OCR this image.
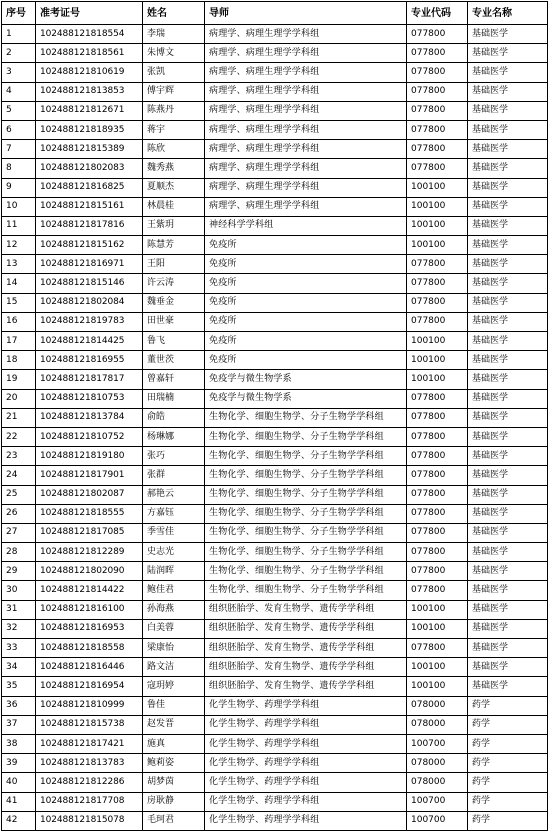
序号	准考证号	姓名	导师	专业代码	专业名称
1	102488121818554	李瑞	病理学、病理生理学学科组	077800	基础医学
2	102488121818561	朱博文	病理学、病理生理学学科组	077800	基础医学
3	102488121810619	张凯	病理学、病理生理学学科组	077800	基础医学
4	102488121813853	傅宇辉	病理学、病理生理学学科组	077800	基础医学
5	102488121812671	陈燕丹	病理学、病理生理学学科组	077800	基础医学
6	102488121818935	蒋宇	病理学、病理生理学学科组	077800	基础医学
7	102488121815389	陈欣	病理学、病理生理学学科组	077800	基础医学
8	102488121802083	魏秀燕	病理学、病理生理学学科组	077800	基础医学
9	102488121816825	夏顺杰	病理学、病理生理学学科组	100100	基础医学
10	102488121815161	林晨桂	病理学、病理生理学学科组	100100	基础医学
11	102488121817816	王紫玥	神经科学学科组	100100	基础医学
12	102488121815162	陈慧芳	免疫所	100100	基础医学
13	102488121816971	王阳	免疫所	077800	基础医学
14	102488121815146	许云涛	免疫所	077800	基础医学
15	102488121802084	魏垂金	免疫所	077800	基础医学
16	102488121819783	田世豪	免疫所	077800	基础医学
17	102488121814425	鲁飞	免疫所	100100	基础医学
18	102488121816955	董世茨	免疫所	100100	基础医学
19	102488121817817	曾嘉轩	免疫学与微生物学系	100100	基础医学
20	102488121810753	田瑞楠	免疫学与微生物学系	077800	基础医学
21	102488121813784	俞皓	生物化学、细胞生物学、分子生物学学科组	077800	基础医学
22	102488121810752	杨琳娜	生物化学、细胞生物学、分子生物学学科组	077800	基础医学
23	102488121819180	张巧	生物化学、细胞生物学、分子生物学学科组	077800	基础医学
24	102488121817901	张群	生物化学、细胞生物学、分子生物学学科组	077800	基础医学
25	102488121802087	郝艳云	生物化学、细胞生物学、分子生物学学科组	077800	基础医学
26	102488121818555	方嘉钰	生物化学、细胞生物学、分子生物学学科组	077800	基础医学
27	102488121817085	季雪佳	生物化学、细胞生物学、分子生物学学科组	077800	基础医学
28	102488121812289	史志光	生物化学、细胞生物学、分子生物学学科组	077800	基础医学
29	102488121802090	陆润晖	生物化学、细胞生物学、分子生物学学科组	077800	基础医学
30	102488121814422	鲍佳君	生物化学、细胞生物学、分子生物学学科组	077800	基础医学
31	102488121816100	孙海燕	组织胚胎学、发育生物学、遗传学学科组	100100	基础医学
32	102488121816953	白美蓉	组织胚胎学、发育生物学、遗传学学科组	100100	基础医学
33	102488121818558	梁康怡	组织胚胎学、发育生物学、遗传学学科组	077800	基础医学
34	102488121816446	路文洁	组织胚胎学、发育生物学、遗传学学科组	100100	基础医学
35	102488121816954	寇玥婷	组织胚胎学、发育生物学、遗传学学科组	100100	基础医学
36	102488121810999	鲁佳	化学生物学、药理学学科组	078000	药学
37	102488121815738	赵发晋	化学生物学、药理学学科组	078000	药学
38	102488121817421	施真	化学生物学、药理学学科组	100700	药学
39	102488121813783	鲍莉姿	化学生物学、药理学学科组	078000	药学
40	102488121812286	胡梦茵	化学生物学、药理学学科组	078000	药学
41	102488121817708	房耿静	化学生物学、药理学学科组	100700	药学
42	102488121815078	毛珂君	化学生物学、药理学学科组	100700	药学
